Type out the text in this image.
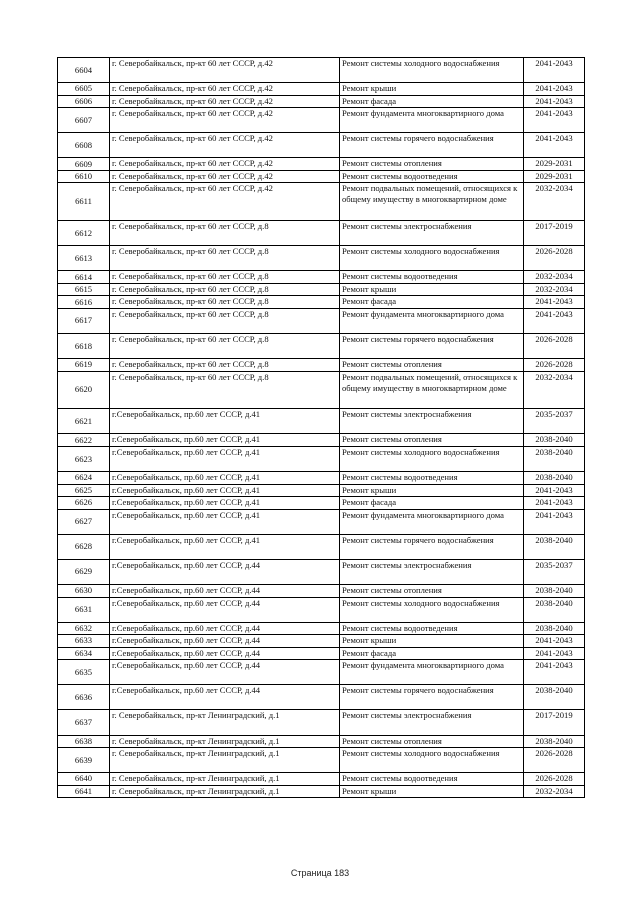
6604	г. Северобайкальск, пр-кт 60 лет СССР, д.42	Ремонт системы холодного водоснабжения	2041-2043
6605	г. Северобайкальск, пр-кт 60 лет СССР, д.42	Ремонт крыши	2041-2043
6606	г. Северобайкальск, пр-кт 60 лет СССР, д.42	Ремонт фасада	2041-2043
6607	г. Северобайкальск, пр-кт 60 лет СССР, д.42	Ремонт фундамента многоквартирного дома	2041-2043
6608	г. Северобайкальск, пр-кт 60 лет СССР, д.42	Ремонт системы горячего водоснабжения	2041-2043
6609	г. Северобайкальск, пр-кт 60 лет СССР, д.42	Ремонт системы отопления	2029-2031
6610	г. Северобайкальск, пр-кт 60 лет СССР, д.42	Ремонт системы водоотведения	2029-2031
6611	г. Северобайкальск, пр-кт 60 лет СССР, д.42	Ремонт подвальных помещений, относящихся к общему имуществу в многоквартирном доме	2032-2034
6612	г. Северобайкальск, пр-кт 60 лет СССР, д.8	Ремонт системы электроснабжения	2017-2019
6613	г. Северобайкальск, пр-кт 60 лет СССР, д.8	Ремонт системы холодного водоснабжения	2026-2028
6614	г. Северобайкальск, пр-кт 60 лет СССР, д.8	Ремонт системы водоотведения	2032-2034
6615	г. Северобайкальск, пр-кт 60 лет СССР, д.8	Ремонт крыши	2032-2034
6616	г. Северобайкальск, пр-кт 60 лет СССР, д.8	Ремонт фасада	2041-2043
6617	г. Северобайкальск, пр-кт 60 лет СССР, д.8	Ремонт фундамента многоквартирного дома	2041-2043
6618	г. Северобайкальск, пр-кт 60 лет СССР, д.8	Ремонт системы горячего водоснабжения	2026-2028
6619	г. Северобайкальск, пр-кт 60 лет СССР, д.8	Ремонт системы отопления	2026-2028
6620	г. Северобайкальск, пр-кт 60 лет СССР, д.8	Ремонт подвальных помещений, относящихся к общему имуществу в многоквартирном доме	2032-2034
6621	г.Северобайкальск, пр.60 лет СССР, д.41	Ремонт системы электроснабжения	2035-2037
6622	г.Северобайкальск, пр.60 лет СССР, д.41	Ремонт системы отопления	2038-2040
6623	г.Северобайкальск, пр.60 лет СССР, д.41	Ремонт системы холодного водоснабжения	2038-2040
6624	г.Северобайкальск, пр.60 лет СССР, д.41	Ремонт системы водоотведения	2038-2040
6625	г.Северобайкальск, пр.60 лет СССР, д.41	Ремонт крыши	2041-2043
6626	г.Северобайкальск, пр.60 лет СССР, д.41	Ремонт фасада	2041-2043
6627	г.Северобайкальск, пр.60 лет СССР, д.41	Ремонт фундамента многоквартирного дома	2041-2043
6628	г.Северобайкальск, пр.60 лет СССР, д.41	Ремонт системы горячего водоснабжения	2038-2040
6629	г.Северобайкальск, пр.60 лет СССР, д.44	Ремонт системы электроснабжения	2035-2037
6630	г.Северобайкальск, пр.60 лет СССР, д.44	Ремонт системы отопления	2038-2040
6631	г.Северобайкальск, пр.60 лет СССР, д.44	Ремонт системы холодного водоснабжения	2038-2040
6632	г.Северобайкальск, пр.60 лет СССР, д.44	Ремонт системы водоотведения	2038-2040
6633	г.Северобайкальск, пр.60 лет СССР, д.44	Ремонт крыши	2041-2043
6634	г.Северобайкальск, пр.60 лет СССР, д.44	Ремонт фасада	2041-2043
6635	г.Северобайкальск, пр.60 лет СССР, д.44	Ремонт фундамента многоквартирного дома	2041-2043
6636	г.Северобайкальск, пр.60 лет СССР, д.44	Ремонт системы горячего водоснабжения	2038-2040
6637	г. Северобайкальск, пр-кт Ленинградский, д.1	Ремонт системы электроснабжения	2017-2019
6638	г. Северобайкальск, пр-кт Ленинградский, д.1	Ремонт системы отопления	2038-2040
6639	г. Северобайкальск, пр-кт Ленинградский, д.1	Ремонт системы холодного водоснабжения	2026-2028
6640	г. Северобайкальск, пр-кт Ленинградский, д.1	Ремонт системы водоотведения	2026-2028
6641	г. Северобайкальск, пр-кт Ленинградский, д.1	Ремонт крыши	2032-2034
Страница 183
